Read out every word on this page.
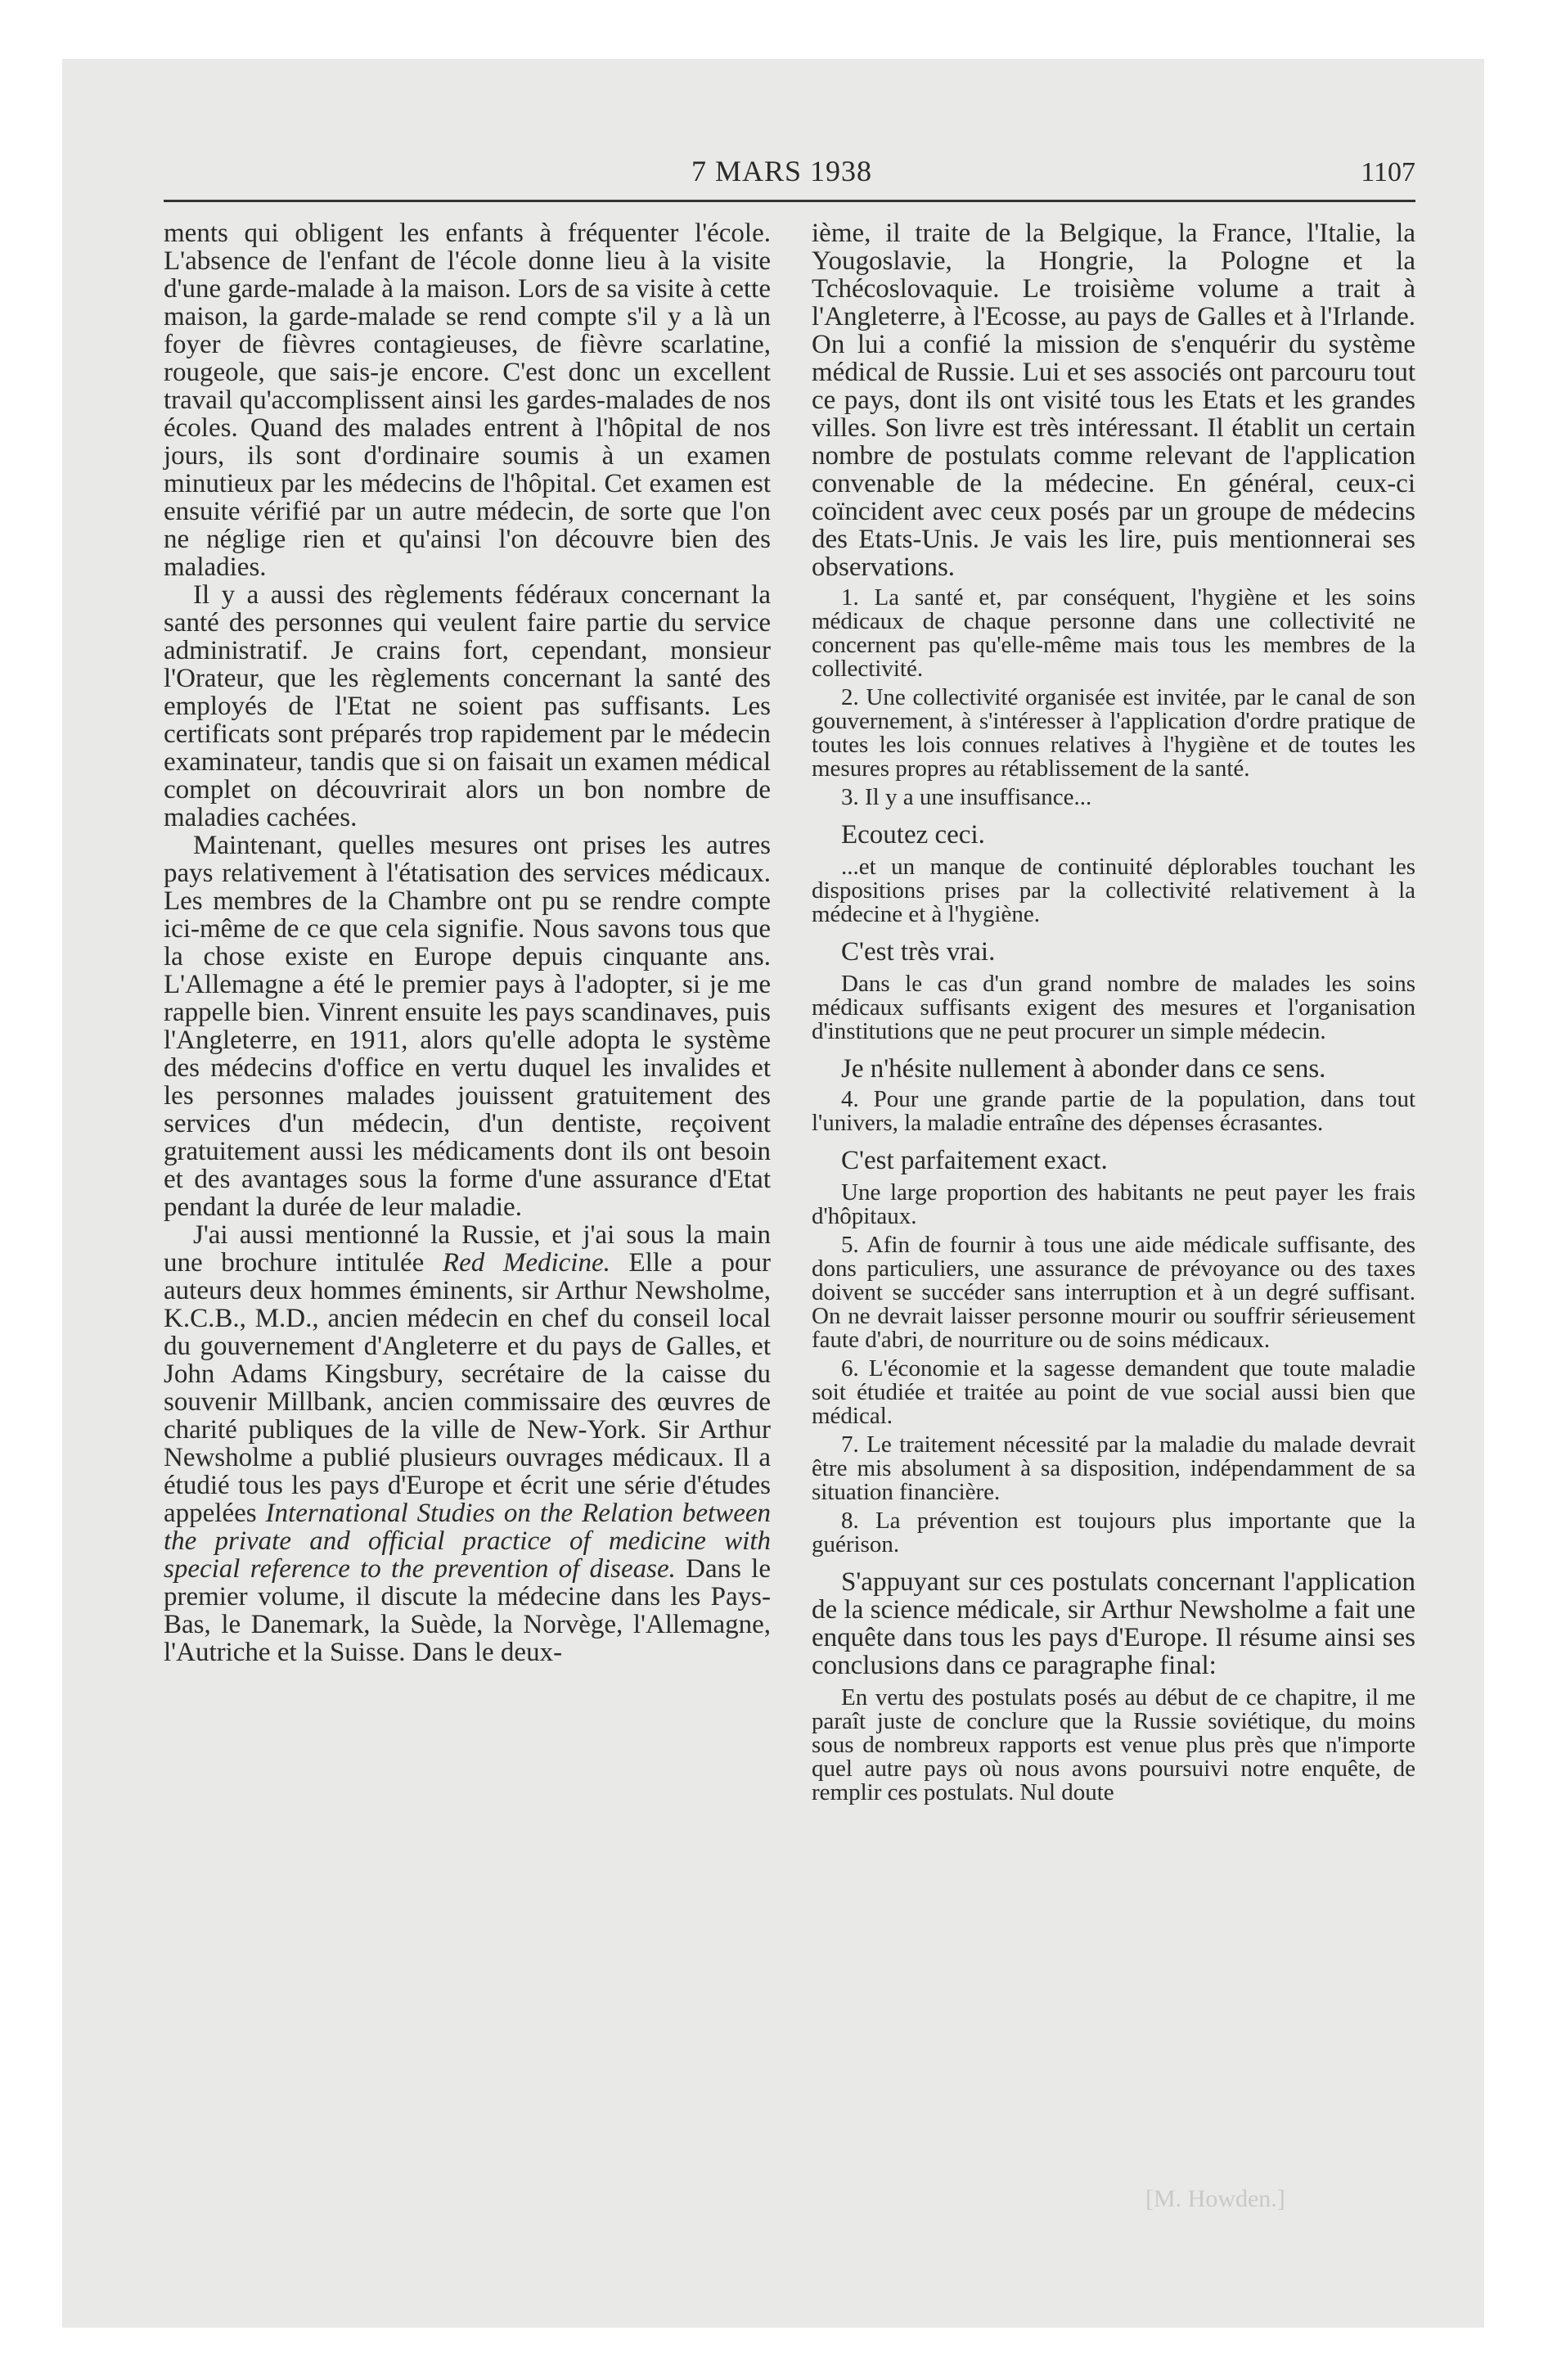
7 MARS 1938	1107

ments qui obligent les enfants à fréquenter l'école. L'absence de l'enfant de l'école donne lieu à la visite d'une garde-malade à la maison. Lors de sa visite à cette maison, la garde-malade se rend compte s'il y a là un foyer de fièvres contagieuses, de fièvre scarlatine, rougeole, que sais-je encore. C'est donc un excellent travail qu'accomplissent ainsi les gardes-malades de nos écoles. Quand des malades entrent à l'hôpital de nos jours, ils sont d'ordinaire soumis à un examen minutieux par les médecins de l'hôpital. Cet examen est ensuite vérifié par un autre médecin, de sorte que l'on ne néglige rien et qu'ainsi l'on découvre bien des maladies.

Il y a aussi des règlements fédéraux concernant la santé des personnes qui veulent faire partie du service administratif. Je crains fort, cependant, monsieur l'Orateur, que les règlements concernant la santé des employés de l'Etat ne soient pas suffisants. Les certificats sont préparés trop rapidement par le médecin examinateur, tandis que si on faisait un examen médical complet on découvrirait alors un bon nombre de maladies cachées.

Maintenant, quelles mesures ont prises les autres pays relativement à l'étatisation des services médicaux. Les membres de la Chambre ont pu se rendre compte ici-même de ce que cela signifie. Nous savons tous que la chose existe en Europe depuis cinquante ans. L'Allemagne a été le premier pays à l'adopter, si je me rappelle bien. Vinrent ensuite les pays scandinaves, puis l'Angleterre, en 1911, alors qu'elle adopta le système des médecins d'office en vertu duquel les invalides et les personnes malades jouissent gratuitement des services d'un médecin, d'un dentiste, reçoivent gratuitement aussi les médicaments dont ils ont besoin et des avantages sous la forme d'une assurance d'Etat pendant la durée de leur maladie.

J'ai aussi mentionné la Russie, et j'ai sous la main une brochure intitulée Red Medicine. Elle a pour auteurs deux hommes éminents, sir Arthur Newsholme, K.C.B., M.D., ancien médecin en chef du conseil local du gouvernement d'Angleterre et du pays de Galles, et John Adams Kingsbury, secrétaire de la caisse du souvenir Millbank, ancien commissaire des œuvres de charité publiques de la ville de New-York. Sir Arthur Newsholme a publié plusieurs ouvrages médicaux. Il a étudié tous les pays d'Europe et écrit une série d'études appelées International Studies on the Relation between the private and official practice of medicine with special reference to the prevention of disease. Dans le premier volume, il discute la médecine dans les Pays-Bas, le Danemark, la Suède, la Norvège, l'Allemagne, l'Autriche et la Suisse. Dans le deux-

ième, il traite de la Belgique, la France, l'Italie, la Yougoslavie, la Hongrie, la Pologne et la Tchécoslovaquie. Le troisième volume a trait à l'Angleterre, à l'Ecosse, au pays de Galles et à l'Irlande. On lui a confié la mission de s'enquérir du système médical de Russie. Lui et ses associés ont parcouru tout ce pays, dont ils ont visité tous les Etats et les grandes villes. Son livre est très intéressant. Il établit un certain nombre de postulats comme relevant de l'application convenable de la médecine. En général, ceux-ci coïncident avec ceux posés par un groupe de médecins des Etats-Unis. Je vais les lire, puis mentionnerai ses observations.

1. La santé et, par conséquent, l'hygiène et les soins médicaux de chaque personne dans une collectivité ne concernent pas qu'elle-même mais tous les membres de la collectivité.

2. Une collectivité organisée est invitée, par le canal de son gouvernement, à s'intéresser à l'application d'ordre pratique de toutes les lois connues relatives à l'hygiène et de toutes les mesures propres au rétablissement de la santé.

3. Il y a une insuffisance...

Ecoutez ceci.

...et un manque de continuité déplorables touchant les dispositions prises par la collectivité relativement à la médecine et à l'hygiène.

C'est très vrai.

Dans le cas d'un grand nombre de malades les soins médicaux suffisants exigent des mesures et l'organisation d'institutions que ne peut procurer un simple médecin.

Je n'hésite nullement à abonder dans ce sens.

4. Pour une grande partie de la population, dans tout l'univers, la maladie entraîne des dépenses écrasantes.

C'est parfaitement exact.

Une large proportion des habitants ne peut payer les frais d'hôpitaux.

5. Afin de fournir à tous une aide médicale suffisante, des dons particuliers, une assurance de prévoyance ou des taxes doivent se succéder sans interruption et à un degré suffisant. On ne devrait laisser personne mourir ou souffrir sérieusement faute d'abri, de nourriture ou de soins médicaux.

6. L'économie et la sagesse demandent que toute maladie soit étudiée et traitée au point de vue social aussi bien que médical.

7. Le traitement nécessité par la maladie du malade devrait être mis absolument à sa disposition, indépendamment de sa situation financière.

8. La prévention est toujours plus importante que la guérison.

S'appuyant sur ces postulats concernant l'application de la science médicale, sir Arthur Newsholme a fait une enquête dans tous les pays d'Europe. Il résume ainsi ses conclusions dans ce paragraphe final:

En vertu des postulats posés au début de ce chapitre, il me paraît juste de conclure que la Russie soviétique, du moins sous de nombreux rapports est venue plus près que n'importe quel autre pays où nous avons poursuivi notre enquête, de remplir ces postulats. Nul doute

[M. Howden.]
